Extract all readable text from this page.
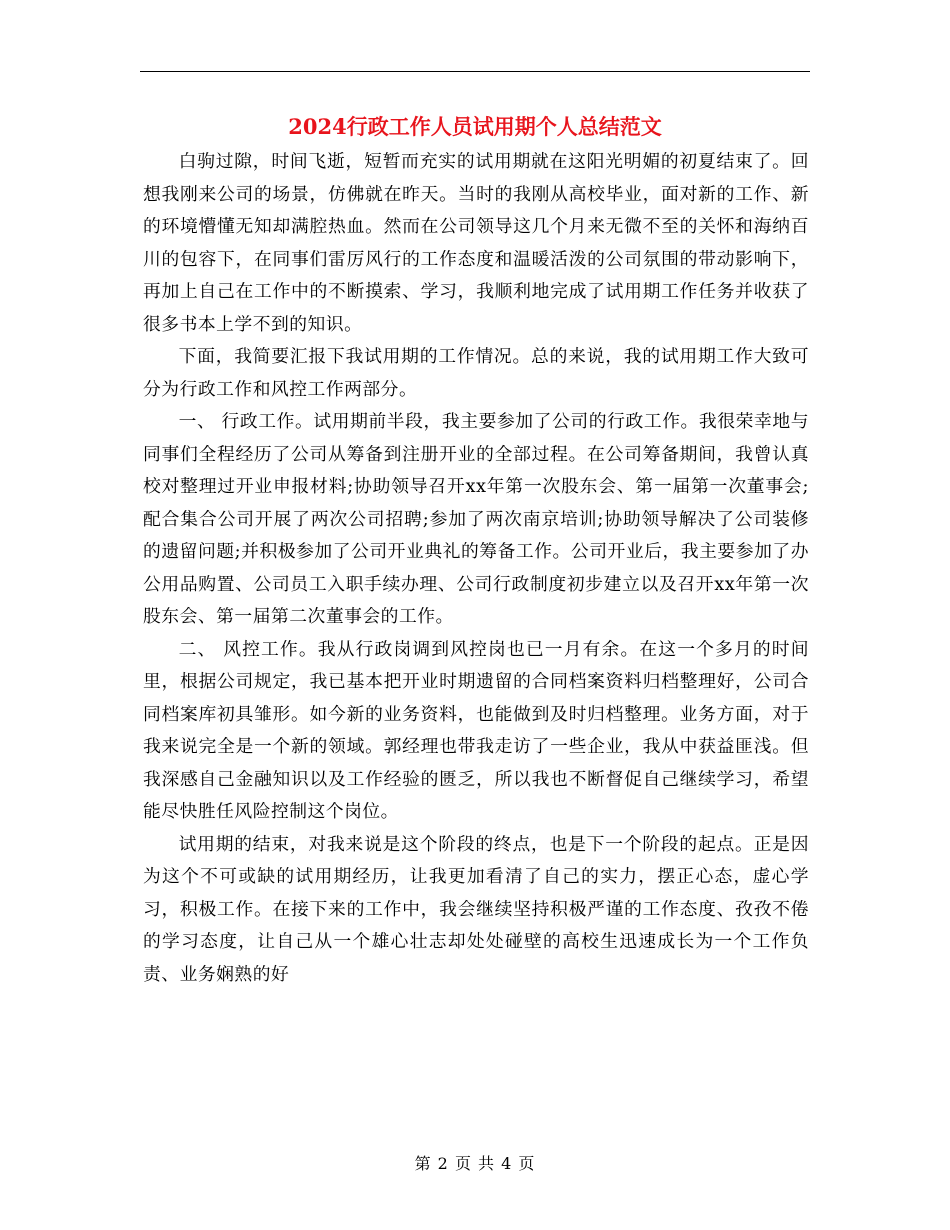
2024行政工作人员试用期个人总结范文

白驹过隙，时间飞逝，短暂而充实的试用期就在这阳光明媚的初夏结束了。回想我刚来公司的场景，仿佛就在昨天。当时的我刚从高校毕业，面对新的工作、新的环境懵懂无知却满腔热血。然而在公司领导这几个月来无微不至的关怀和海纳百川的包容下，在同事们雷厉风行的工作态度和温暖活泼的公司氛围的带动影响下，再加上自己在工作中的不断摸索、学习，我顺利地完成了试用期工作任务并收获了很多书本上学不到的知识。

下面，我简要汇报下我试用期的工作情况。总的来说，我的试用期工作大致可分为行政工作和风控工作两部分。

一、 行政工作。试用期前半段，我主要参加了公司的行政工作。我很荣幸地与同事们全程经历了公司从筹备到注册开业的全部过程。在公司筹备期间，我曾认真校对整理过开业申报材料;协助领导召开xx年第一次股东会、第一届第一次董事会;配合集合公司开展了两次公司招聘;参加了两次南京培训;协助领导解决了公司装修的遗留问题;并积极参加了公司开业典礼的筹备工作。公司开业后，我主要参加了办公用品购置、公司员工入职手续办理、公司行政制度初步建立以及召开xx年第一次股东会、第一届第二次董事会的工作。

二、 风控工作。我从行政岗调到风控岗也已一月有余。在这一个多月的时间里，根据公司规定，我已基本把开业时期遗留的合同档案资料归档整理好，公司合同档案库初具雏形。如今新的业务资料，也能做到及时归档整理。业务方面，对于我来说完全是一个新的领域。郭经理也带我走访了一些企业，我从中获益匪浅。但我深感自己金融知识以及工作经验的匮乏，所以我也不断督促自己继续学习，希望能尽快胜任风险控制这个岗位。

试用期的结束，对我来说是这个阶段的终点，也是下一个阶段的起点。正是因为这个不可或缺的试用期经历，让我更加看清了自己的实力，摆正心态，虚心学习，积极工作。在接下来的工作中，我会继续坚持积极严谨的工作态度、孜孜不倦的学习态度，让自己从一个雄心壮志却处处碰壁的高校生迅速成长为一个工作负责、业务娴熟的好

第 2 页 共 4 页
